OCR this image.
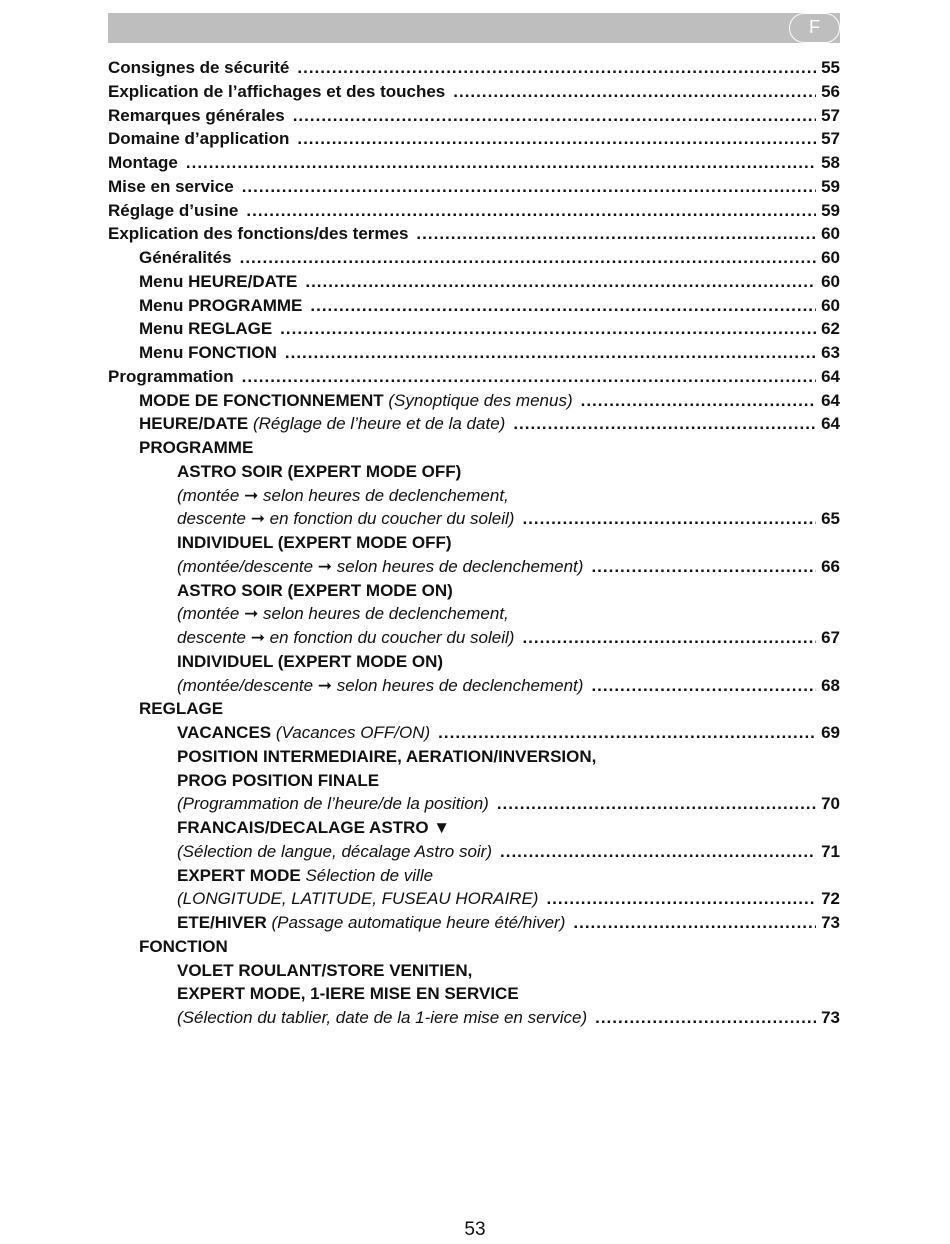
F
Consignes de sécurité .....	55
Explication de l’affichages et des touches .....	56
Remarques générales .....	57
Domaine d’application .....	57
Montage .....	58
Mise en service .....	59
Réglage d’usine .....	59
Explication des fonctions/des termes .....	60
Généralités .....	60
Menu HEURE/DATE .....	60
Menu PROGRAMME .....	60
Menu REGLAGE .....	62
Menu FONCTION .....	63
Programmation .....	64
MODE DE FONCTIONNEMENT (Synoptique des menus) .....	64
HEURE/DATE (Réglage de l’heure et de la date) .....	64
PROGRAMME
ASTRO SOIR (EXPERT MODE OFF)
(montée ➞ selon heures de declenchement,
descente ➞ en fonction du coucher du soleil) .....	65
INDIVIDUEL (EXPERT MODE OFF)
(montée/descente ➞ selon heures de declenchement) .....	66
ASTRO SOIR (EXPERT MODE ON)
(montée ➞ selon heures de declenchement,
descente ➞ en fonction du coucher du soleil) .....	67
INDIVIDUEL (EXPERT MODE ON)
(montée/descente ➞ selon heures de declenchement) .....	68
REGLAGE
VACANCES (Vacances OFF/ON) .....	69
POSITION INTERMEDIAIRE, AERATION/INVERSION,
PROG POSITION FINALE
(Programmation de l’heure/de la position) .....	70
FRANCAIS/DECALAGE ASTRO ▼
(Sélection de langue, décalage Astro soir) .....	71
EXPERT MODE Sélection de ville
(LONGITUDE, LATITUDE, FUSEAU HORAIRE) .....	72
ETE/HIVER (Passage automatique heure été/hiver) .....	73
FONCTION
VOLET ROULANT/STORE VENITIEN,
EXPERT MODE, 1-IERE MISE EN SERVICE
(Sélection du tablier, date de la 1-iere mise en service) .....	73
53
